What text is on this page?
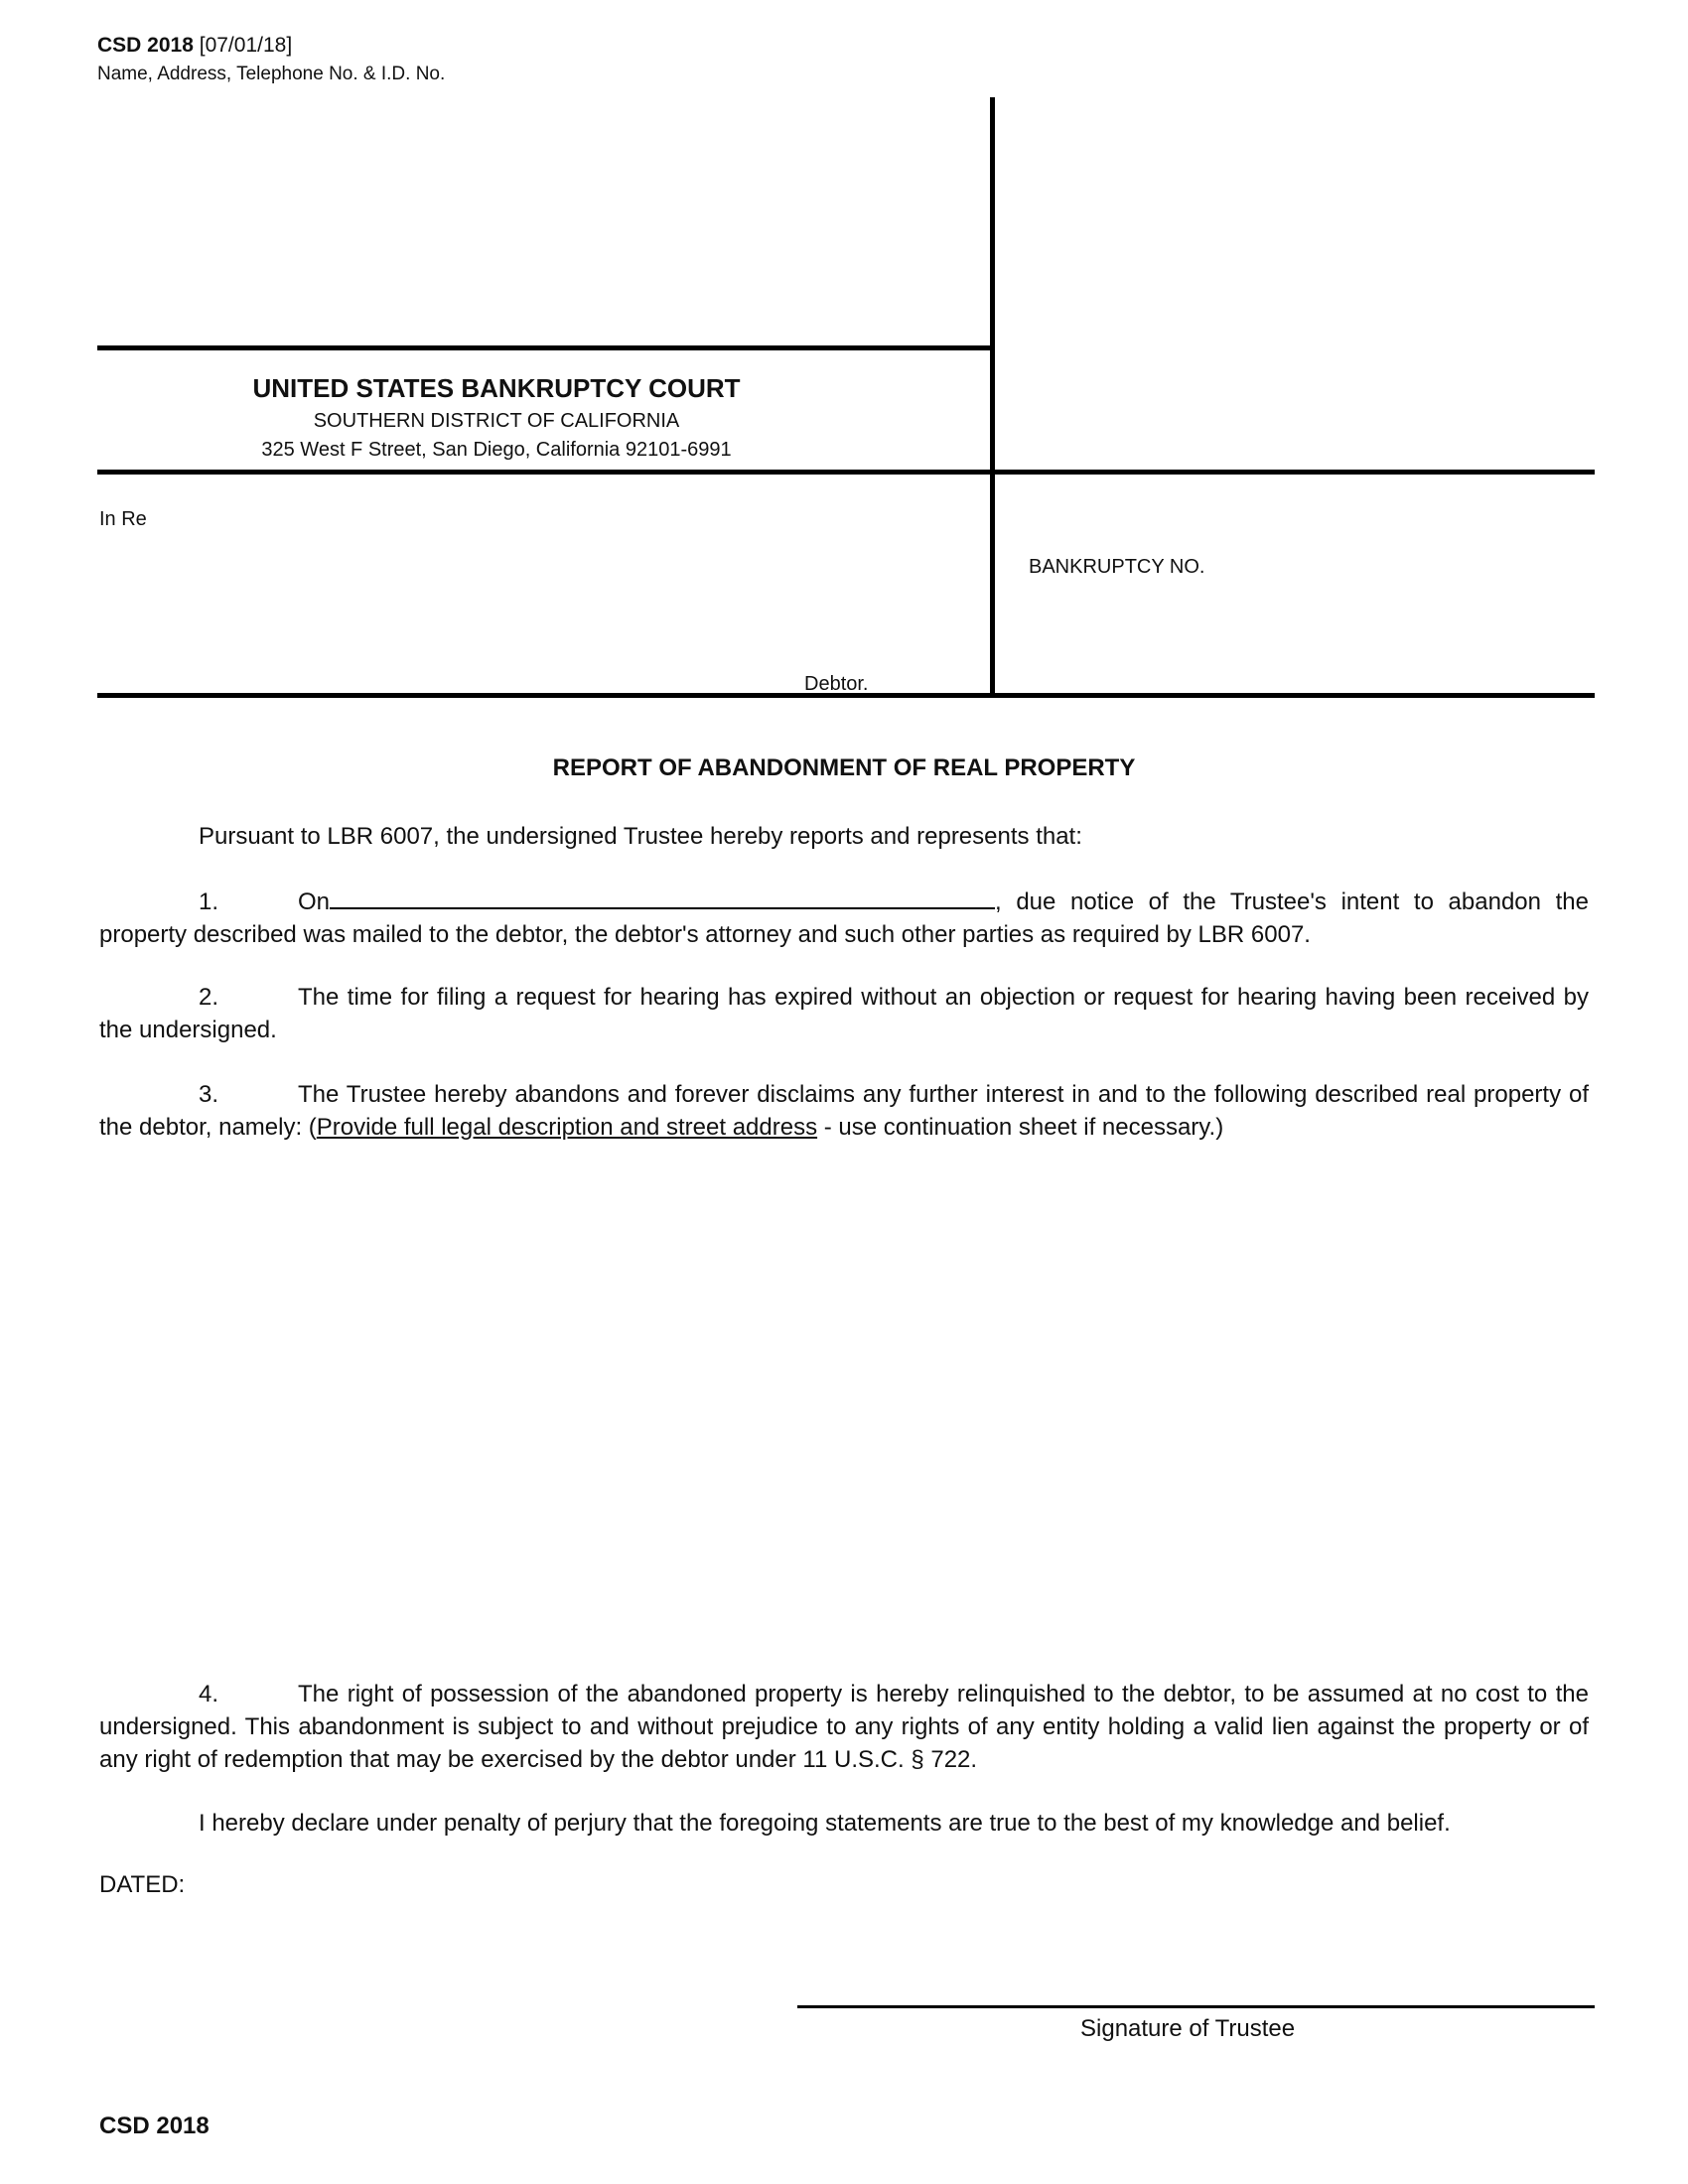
CSD 2018 [07/01/18]
Name, Address, Telephone No. & I.D. No.
UNITED STATES BANKRUPTCY COURT
SOUTHERN DISTRICT OF CALIFORNIA
325 West F Street, San Diego, California 92101-6991
In Re
Debtor.
BANKRUPTCY NO.
REPORT OF ABANDONMENT OF REAL PROPERTY
Pursuant to LBR 6007, the undersigned Trustee hereby reports and represents that:
1.	On	, due notice of the Trustee's intent to abandon the property described was mailed to the debtor, the debtor's attorney and such other parties as required by LBR 6007.
2.	The time for filing a request for hearing has expired without an objection or request for hearing having been received by the undersigned.
3.	The Trustee hereby abandons and forever disclaims any further interest in and to the following described real property of the debtor, namely: (Provide full legal description and street address - use continuation sheet if necessary.)
4.	The right of possession of the abandoned property is hereby relinquished to the debtor, to be assumed at no cost to the undersigned. This abandonment is subject to and without prejudice to any rights of any entity holding a valid lien against the property or of any right of redemption that may be exercised by the debtor under 11 U.S.C. § 722.
I hereby declare under penalty of perjury that the foregoing statements are true to the best of my knowledge and belief.
DATED:
Signature of Trustee
CSD 2018
